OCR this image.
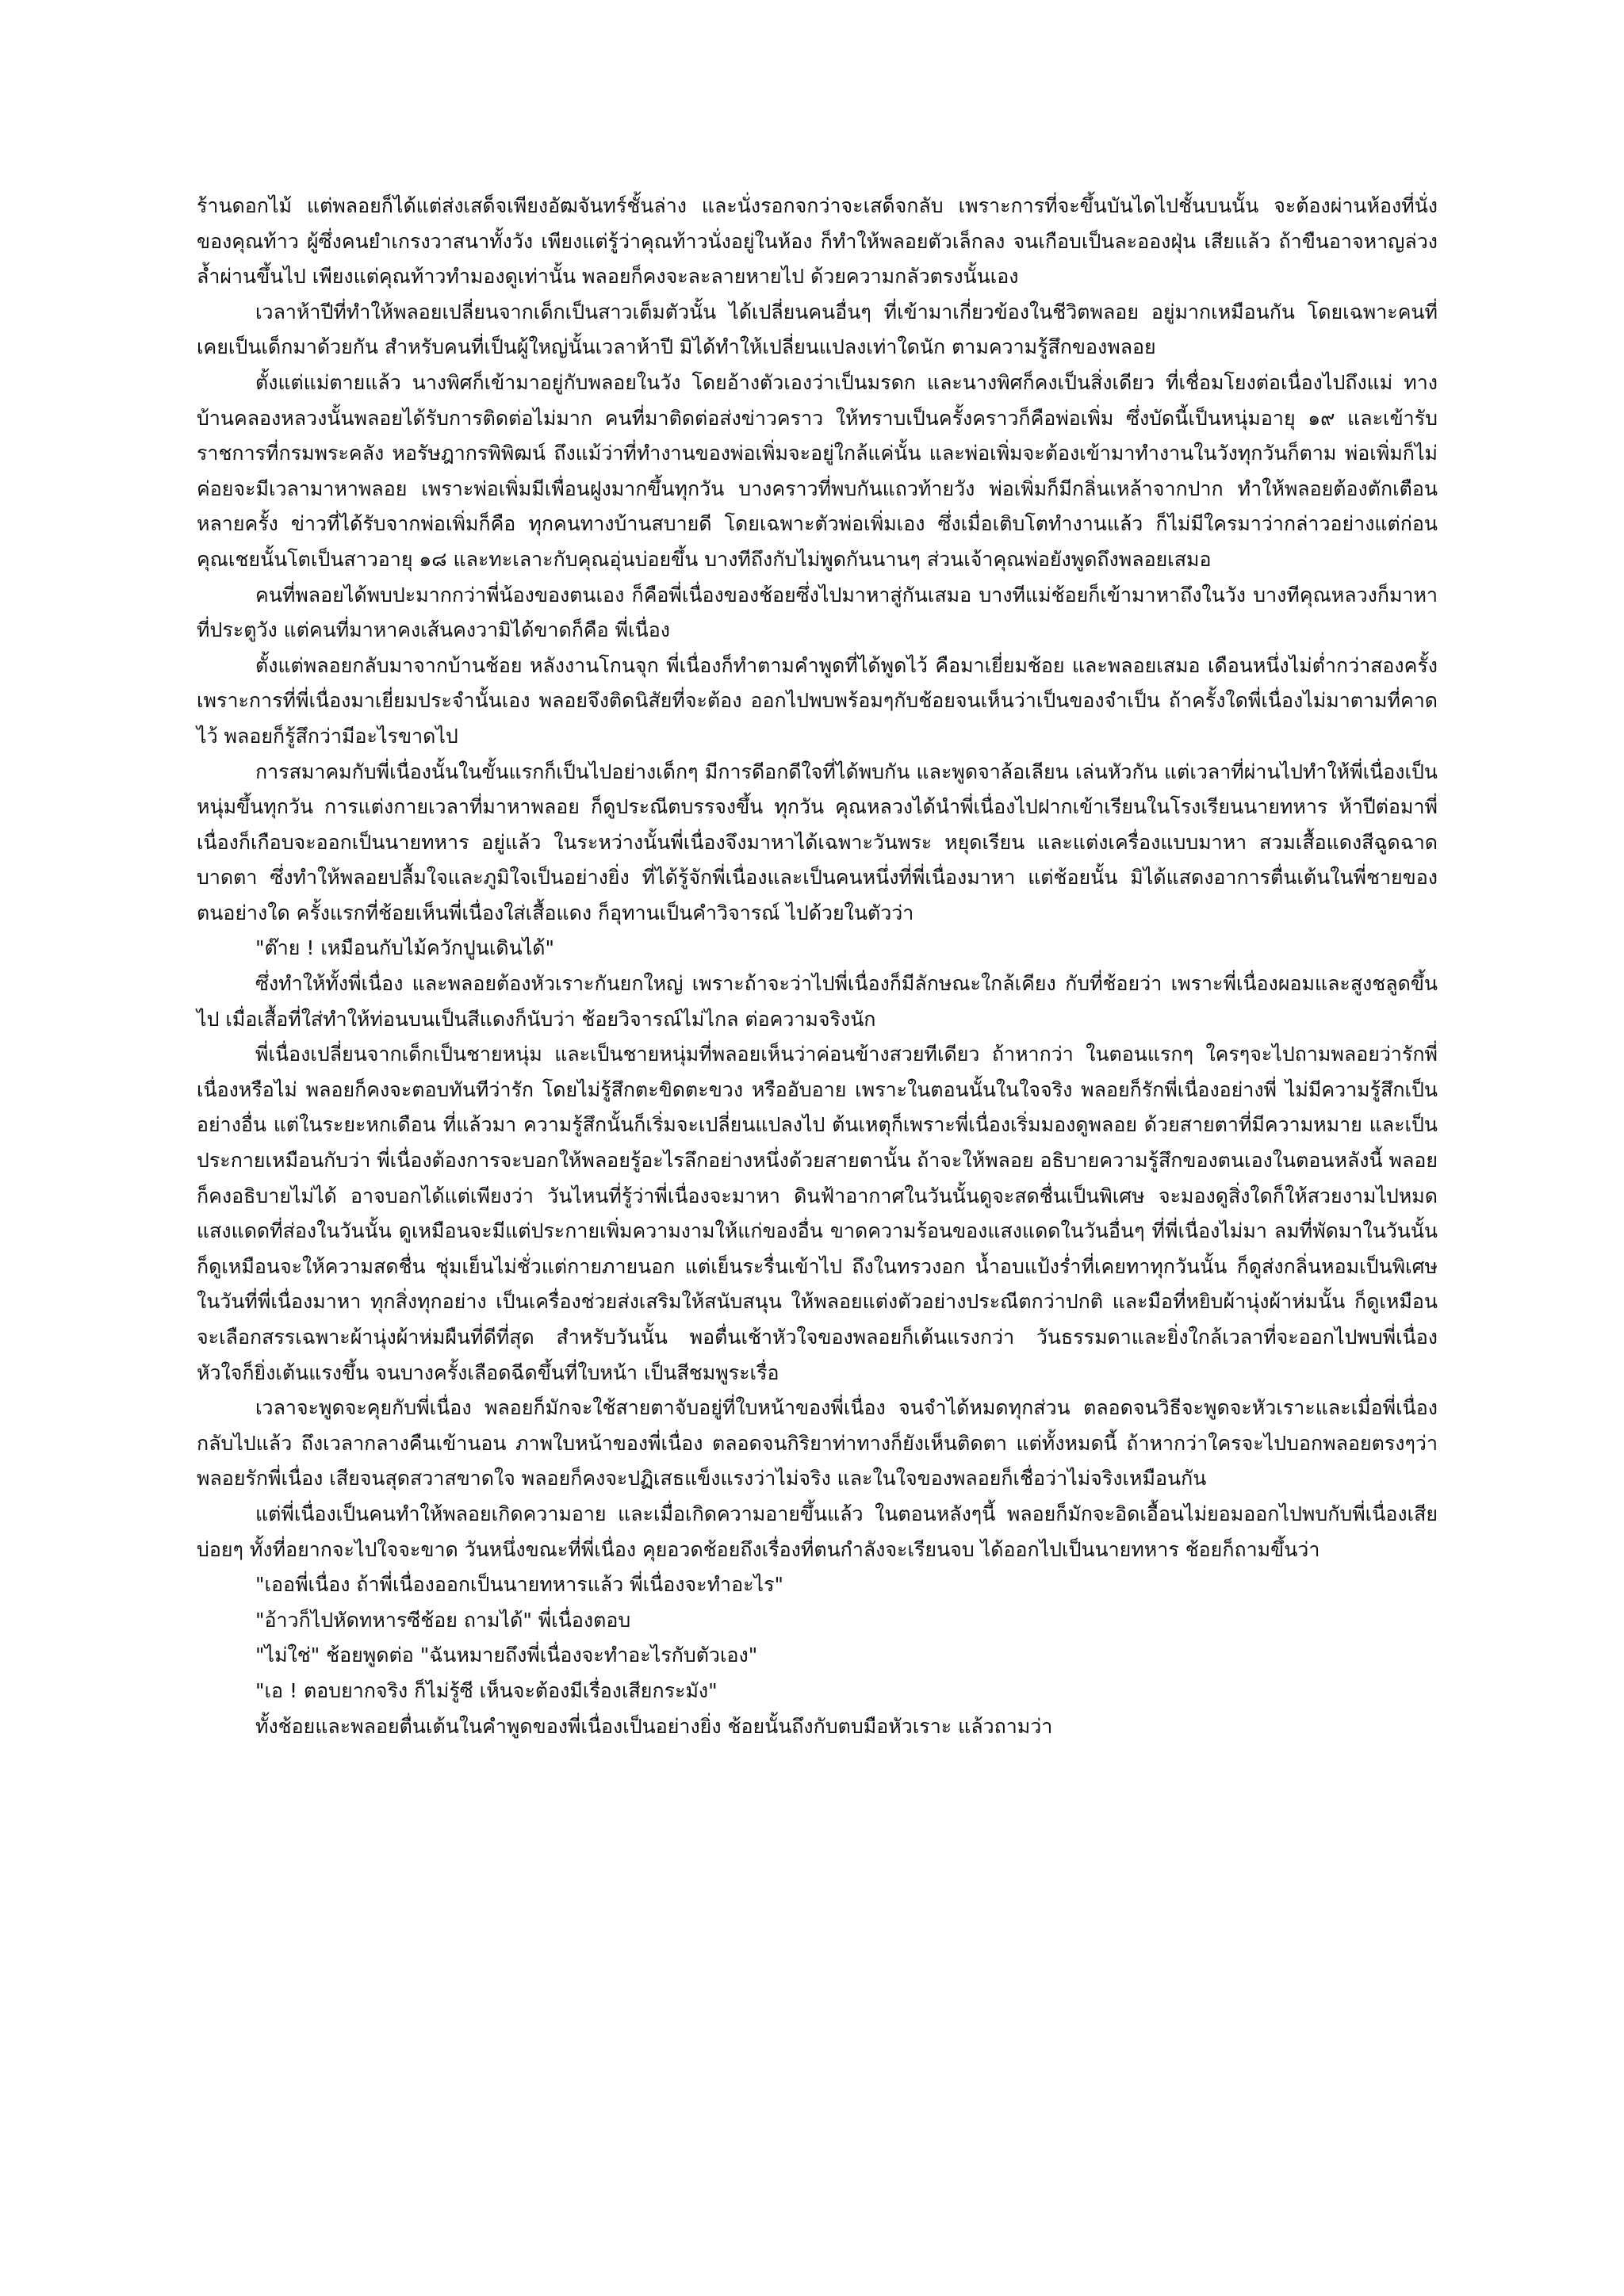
ร้านดอกไม้ แต่พลอยก็ได้แต่ส่งเสด็จเพียงอัฒจันทร์ชั้นล่าง และนั่งรอกจกว่าจะเสด็จกลับ เพราะการที่จะขึ้นบันไดไปชั้นบนนั้น จะต้องผ่านห้องที่นั่งของคุณท้าว ผู้ซึ่งคนยำเกรงวาสนาทั้งวัง เพียงแต่รู้ว่าคุณท้าวนั่งอยู่ในห้อง ก็ทำให้พลอยตัวเล็กลง จนเกือบเป็นละอองฝุ่น เสียแล้ว ถ้าขืนอาจหาญล่วงล้ำผ่านขึ้นไป เพียงแต่คุณท้าวทำมองดูเท่านั้น พลอยก็คงจะละลายหายไป ด้วยความกลัวตรงนั้นเอง

เวลาห้าปีที่ทำให้พลอยเปลี่ยนจากเด็กเป็นสาวเต็มตัวนั้น ได้เปลี่ยนคนอื่นๆ ที่เข้ามาเกี่ยวข้องในชีวิตพลอย อยู่มากเหมือนกัน โดยเฉพาะคนที่เคยเป็นเด็กมาด้วยกัน สำหรับคนที่เป็นผู้ใหญ่นั้นเวลาห้าปี มิได้ทำให้เปลี่ยนแปลงเท่าใดนัก ตามความรู้สึกของพลอย

ตั้งแต่แม่ตายแล้ว นางพิศก็เข้ามาอยู่กับพลอยในวัง โดยอ้างตัวเองว่าเป็นมรดก และนางพิศก็คงเป็นสิ่งเดียว ที่เชื่อมโยงต่อเนื่องไปถึงแม่ ทางบ้านคลองหลวงนั้นพลอยได้รับการติดต่อไม่มาก คนที่มาติดต่อส่งข่าวคราว ให้ทราบเป็นครั้งคราวก็คือพ่อเพิ่ม ซึ่งบัดนี้เป็นหนุ่มอายุ ๑๙ และเข้ารับราชการที่กรมพระคลัง หอรัษฎากรพิพิฒน์ ถึงแม้ว่าที่ทำงานของพ่อเพิ่มจะอยู่ใกล้แค่นั้น และพ่อเพิ่มจะต้องเข้ามาทำงานในวังทุกวันก็ตาม พ่อเพิ่มก็ไม่ค่อยจะมีเวลามาหาพลอย เพราะพ่อเพิ่มมีเพื่อนฝูงมากขึ้นทุกวัน บางคราวที่พบกันแถวท้ายวัง พ่อเพิ่มก็มีกลิ่นเหล้าจากปาก ทำให้พลอยต้องตักเตือนหลายครั้ง ข่าวที่ได้รับจากพ่อเพิ่มก็คือ ทุกคนทางบ้านสบายดี โดยเฉพาะตัวพ่อเพิ่มเอง ซึ่งเมื่อเติบโตทำงานแล้ว ก็ไม่มีใครมาว่ากล่าวอย่างแต่ก่อน คุณเชยนั้นโตเป็นสาวอายุ ๑๘ และทะเลาะกับคุณอุ่นบ่อยขึ้น บางทีถึงกับไม่พูดกันนานๆ ส่วนเจ้าคุณพ่อยังพูดถึงพลอยเสมอ

คนที่พลอยได้พบปะมากกว่าพี่น้องของตนเอง ก็คือพี่เนื่องของช้อยซึ่งไปมาหาสู่กันเสมอ บางทีแม่ช้อยก็เข้ามาหาถึงในวัง บางทีคุณหลวงก็มาหาที่ประตูวัง แต่คนที่มาหาคงเส้นคงวามิได้ขาดก็คือ พี่เนื่อง

ตั้งแต่พลอยกลับมาจากบ้านช้อย หลังงานโกนจุก พี่เนื่องก็ทำตามคำพูดที่ได้พูดไว้ คือมาเยี่ยมช้อย และพลอยเสมอ เดือนหนึ่งไม่ต่ำกว่าสองครั้ง เพราะการที่พี่เนื่องมาเยี่ยมประจำนั้นเอง พลอยจึงติดนิสัยที่จะต้อง ออกไปพบพร้อมๆกับช้อยจนเห็นว่าเป็นของจำเป็น ถ้าครั้งใดพี่เนื่องไม่มาตามที่คาดไว้ พลอยก็รู้สึกว่ามีอะไรขาดไป

การสมาคมกับพี่เนื่องนั้นในขั้นแรกก็เป็นไปอย่างเด็กๆ มีการดีอกดีใจที่ได้พบกัน และพูดจาล้อเลียน เล่นหัวกัน แต่เวลาที่ผ่านไปทำให้พี่เนื่องเป็นหนุ่มขึ้นทุกวัน การแต่งกายเวลาที่มาหาพลอย ก็ดูประณีตบรรจงขึ้น ทุกวัน คุณหลวงได้นำพี่เนื่องไปฝากเข้าเรียนในโรงเรียนนายทหาร ห้าปีต่อมาพี่เนื่องก็เกือบจะออกเป็นนายทหาร อยู่แล้ว ในระหว่างนั้นพี่เนื่องจึงมาหาได้เฉพาะวันพระ หยุดเรียน และแต่งเครื่องแบบมาหา สวมเสื้อแดงสีฉูดฉาด บาดตา ซึ่งทำให้พลอยปลื้มใจและภูมิใจเป็นอย่างยิ่ง ที่ได้รู้จักพี่เนื่องและเป็นคนหนึ่งที่พี่เนื่องมาหา แต่ช้อยนั้น มิได้แสดงอาการตื่นเต้นในพี่ชายของตนอย่างใด ครั้งแรกที่ช้อยเห็นพี่เนื่องใส่เสื้อแดง ก็อุทานเป็นคำวิจารณ์ ไปด้วยในตัวว่า

"ต๊าย ! เหมือนกับไม้ควักปูนเดินได้"

ซึ่งทำให้ทั้งพี่เนื่อง และพลอยต้องหัวเราะกันยกใหญ่ เพราะถ้าจะว่าไปพี่เนื่องก็มีลักษณะใกล้เคียง กับที่ช้อยว่า เพราะพี่เนื่องผอมและสูงชลูดขึ้นไป เมื่อเสื้อที่ใส่ทำให้ท่อนบนเป็นสีแดงก็นับว่า ช้อยวิจารณ์ไม่ไกล ต่อความจริงนัก

พี่เนื่องเปลี่ยนจากเด็กเป็นชายหนุ่ม และเป็นชายหนุ่มที่พลอยเห็นว่าค่อนข้างสวยทีเดียว ถ้าหากว่า ในตอนแรกๆ ใครๆจะไปถามพลอยว่ารักพี่เนื่องหรือไม่ พลอยก็คงจะตอบทันทีว่ารัก โดยไม่รู้สึกตะขิดตะขวง หรืออับอาย เพราะในตอนนั้นในใจจริง พลอยก็รักพี่เนื่องอย่างพี่ ไม่มีความรู้สึกเป็นอย่างอื่น แต่ในระยะหกเดือน ที่แล้วมา ความรู้สึกนั้นก็เริ่มจะเปลี่ยนแปลงไป ต้นเหตุก็เพราะพี่เนื่องเริ่มมองดูพลอย ด้วยสายตาที่มีความหมาย และเป็นประกายเหมือนกับว่า พี่เนื่องต้องการจะบอกให้พลอยรู้อะไรลึกอย่างหนึ่งด้วยสายตานั้น ถ้าจะให้พลอย อธิบายความรู้สึกของตนเองในตอนหลังนี้ พลอยก็คงอธิบายไม่ได้ อาจบอกได้แต่เพียงว่า วันไหนที่รู้ว่าพี่เนื่องจะมาหา ดินฟ้าอากาศในวันนั้นดูจะสดชื่นเป็นพิเศษ จะมองดูสิ่งใดก็ให้สวยงามไปหมด แสงแดดที่ส่องในวันนั้น ดูเหมือนจะมีแต่ประกายเพิ่มความงามให้แก่ของอื่น ขาดความร้อนของแสงแดดในวันอื่นๆ ที่พี่เนื่องไม่มา ลมที่พัดมาในวันนั้นก็ดูเหมือนจะให้ความสดชื่น ชุ่มเย็นไม่ชั่วแต่กายภายนอก แต่เย็นระรื่นเข้าไป ถึงในทรวงอก น้ำอบแป้งร่ำที่เคยทาทุกวันนั้น ก็ดูส่งกลิ่นหอมเป็นพิเศษในวันที่พี่เนื่องมาหา ทุกสิ่งทุกอย่าง เป็นเครื่องช่วยส่งเสริมให้สนับสนุน ให้พลอยแต่งตัวอย่างประณีตกว่าปกติ และมือที่หยิบผ้านุ่งผ้าห่มนั้น ก็ดูเหมือนจะเลือกสรรเฉพาะผ้านุ่งผ้าห่มผืนที่ดีที่สุด สำหรับวันนั้น พอตื่นเช้าหัวใจของพลอยก็เต้นแรงกว่า วันธรรมดาและยิ่งใกล้เวลาที่จะออกไปพบพี่เนื่อง หัวใจก็ยิ่งเต้นแรงขึ้น จนบางครั้งเลือดฉีดขึ้นที่ใบหน้า เป็นสีชมพูระเรื่อ

เวลาจะพูดจะคุยกับพี่เนื่อง พลอยก็มักจะใช้สายตาจับอยู่ที่ใบหน้าของพี่เนื่อง จนจำได้หมดทุกส่วน ตลอดจนวิธีจะพูดจะหัวเราะและเมื่อพี่เนื่องกลับไปแล้ว ถึงเวลากลางคืนเข้านอน ภาพใบหน้าของพี่เนื่อง ตลอดจนกิริยาท่าทางก็ยังเห็นติดตา แต่ทั้งหมดนี้ ถ้าหากว่าใครจะไปบอกพลอยตรงๆว่า พลอยรักพี่เนื่อง เสียจนสุดสวาสขาดใจ พลอยก็คงจะปฏิเสธแข็งแรงว่าไม่จริง และในใจของพลอยก็เชื่อว่าไม่จริงเหมือนกัน

แต่พี่เนื่องเป็นคนทำให้พลอยเกิดความอาย และเมื่อเกิดความอายขึ้นแล้ว ในตอนหลังๆนี้ พลอยก็มักจะอิดเอื้อนไม่ยอมออกไปพบกับพี่เนื่องเสียบ่อยๆ ทั้งที่อยากจะไปใจจะขาด วันหนึ่งขณะที่พี่เนื่อง คุยอวดช้อยถึงเรื่องที่ตนกำลังจะเรียนจบ ได้ออกไปเป็นนายทหาร ช้อยก็ถามขึ้นว่า

"เออพี่เนื่อง ถ้าพี่เนื่องออกเป็นนายทหารแล้ว พี่เนื่องจะทำอะไร"

"อ้าวก็ไปหัดทหารซีช้อย ถามได้" พี่เนื่องตอบ

"ไม่ใช่" ช้อยพูดต่อ "ฉันหมายถึงพี่เนื่องจะทำอะไรกับตัวเอง"

"เอ ! ตอบยากจริง ก็ไม่รู้ซี เห็นจะต้องมีเรื่องเสียกระมัง"

ทั้งช้อยและพลอยตื่นเต้นในคำพูดของพี่เนื่องเป็นอย่างยิ่ง ช้อยนั้นถึงกับตบมือหัวเราะ แล้วถามว่า
